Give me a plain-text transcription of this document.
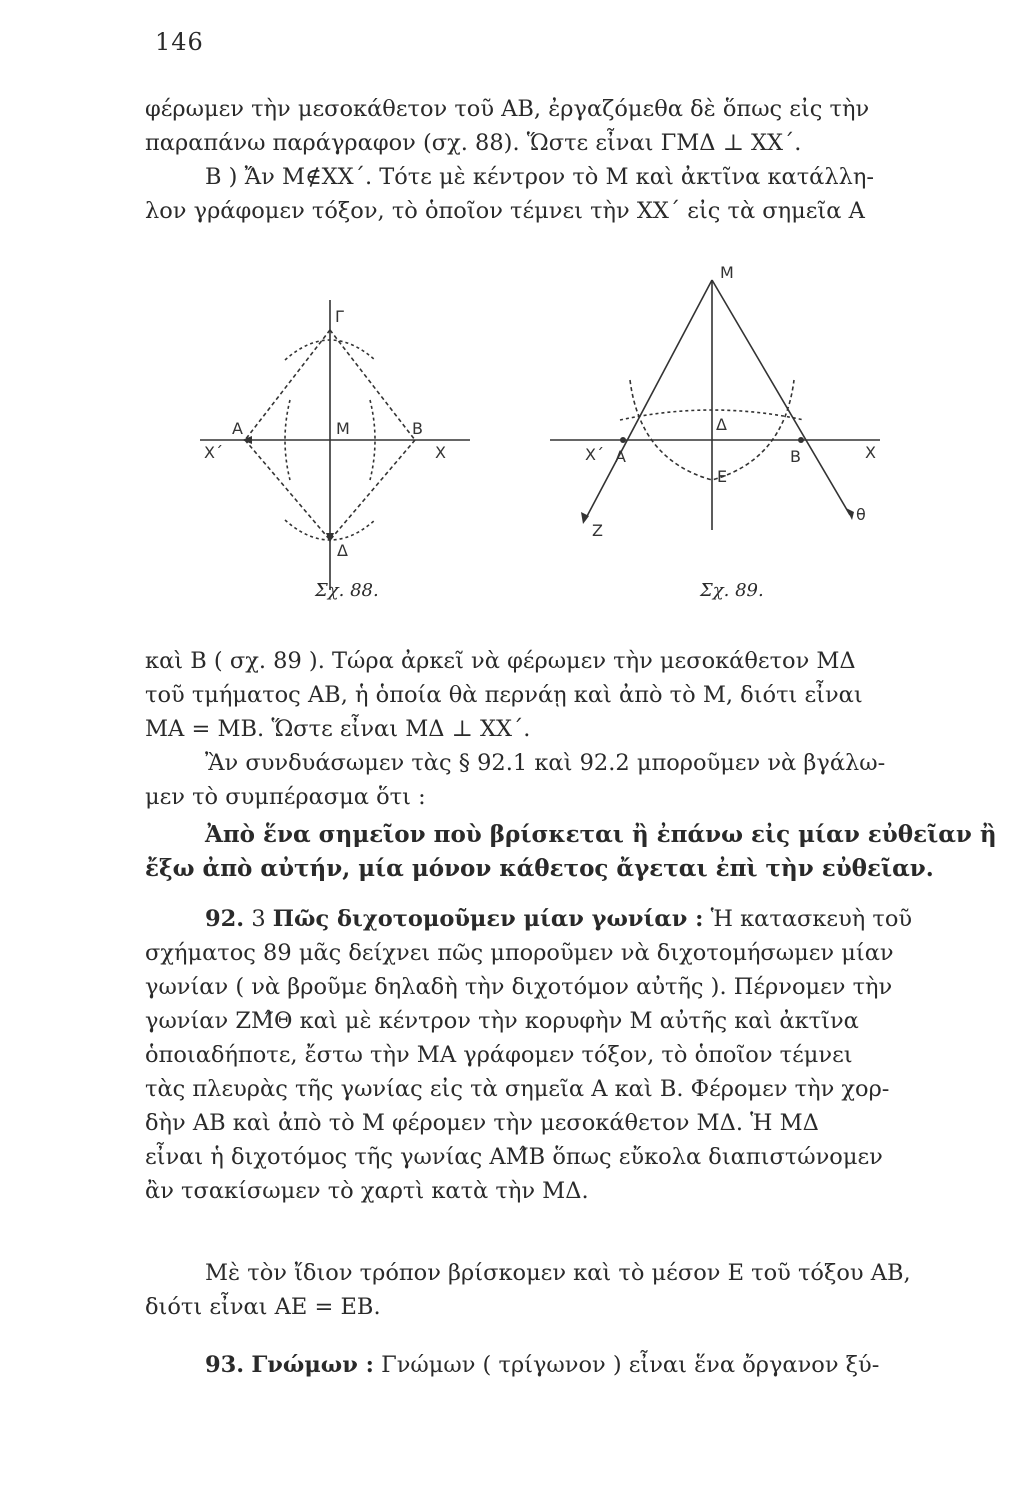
146
φέρωμεν τὴν μεσοκάθετον τοῦ ΑΒ, ἐργαζόμεθα δὲ ὅπως εἰς τὴν
παραπάνω παράγραφον (σχ. 88). Ὥστε εἶναι ΓΜΔ ⊥ ΧΧ΄.
Β ) Ἄν Μ∉ΧΧ΄. Τότε μὲ κέντρον τὸ Μ καὶ ἀκτῖνα κατάλλη-
λον γράφομεν τόξον, τὸ ὁποῖον τέμνει τὴν ΧΧ΄ εἰς τὰ σημεῖα Α
Γ
A	M	B
X΄	X
Δ
M
Δ
X΄ A
E
B	X
Z
θ
Σχ. 88.	Σχ. 89.
καὶ Β ( σχ. 89 ). Τώρα ἀρκεῖ νὰ φέρωμεν τὴν μεσοκάθετον ΜΔ
τοῦ τμήματος ΑΒ, ἡ ὁποία θὰ περνάῃ καὶ ἀπὸ τὸ Μ, διότι εἶναι
ΜΑ = ΜΒ. Ὥστε εἶναι ΜΔ ⊥ ΧΧ΄.
Ἂν συνδυάσωμεν τὰς § 92.1 καὶ 92.2 μποροῦμεν νὰ βγάλω-
μεν τὸ συμπέρασμα ὅτι :
Ἀπὸ ἕνα σημεῖον ποὺ βρίσκεται ἢ ἐπάνω εἰς μίαν εὐθεῖαν ἢ
ἔξω ἀπὸ αὐτήν, μία μόνον κάθετος ἄγεται ἐπὶ τὴν εὐθεῖαν.
92. 3 Πῶς διχοτομοῦμεν μίαν γωνίαν : Ἡ κατασκευὴ τοῦ
σχήματος 89 μᾶς δείχνει πῶς μποροῦμεν νὰ διχοτομήσωμεν μίαν
γωνίαν ( νὰ βροῦμε δηλαδὴ τὴν διχοτόμον αὐτῆς ). Πέρνομεν τὴν
γωνίαν ΖΜ̂Θ καὶ μὲ κέντρον τὴν κορυφὴν Μ αὐτῆς καὶ ἀκτῖνα
ὁποιαδήποτε, ἔστω τὴν ΜΑ γράφομεν τόξον, τὸ ὁποῖον τέμνει
τὰς πλευρὰς τῆς γωνίας εἰς τὰ σημεῖα Α καὶ Β. Φέρομεν τὴν χορ-
δὴν ΑΒ καὶ ἀπὸ τὸ Μ φέρομεν τὴν μεσοκάθετον ΜΔ. Ἡ ΜΔ
εἶναι ἡ διχοτόμος τῆς γωνίας ΑΜ̂Β ὅπως εὔκολα διαπιστώνομεν
ἂν τσακίσωμεν τὸ χαρτὶ κατὰ τὴν ΜΔ.
Μὲ τὸν ἴδιον τρόπον βρίσκομεν καὶ τὸ μέσον Ε τοῦ τόξου ΑΒ,
διότι εἶναι ΑΕ = ΕΒ.
93. Γνώμων : Γνώμων ( τρίγωνον ) εἶναι ἕνα ὄργανον ξύ-
